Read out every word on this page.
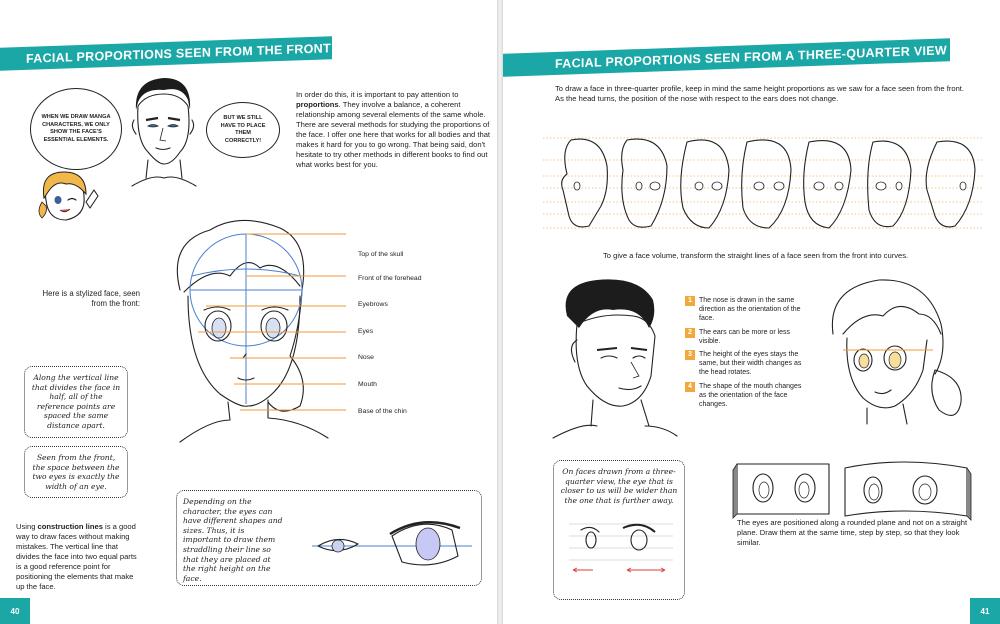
FACIAL PROPORTIONS SEEN FROM THE FRONT
WHEN WE DRAW MANGA CHARACTERS, WE ONLY SHOW THE FACE'S ESSENTIAL ELEMENTS.
BUT WE STILL HAVE TO PLACE THEM CORRECTLY!
In order do this, it is important to pay attention to proportions. They involve a balance, a coherent relationship among several elements of the same whole. There are several methods for studying the proportions of the face. I offer one here that works for all bodies and that makes it hard for you to go wrong. That being said, don't hesitate to try other methods in different books to find out what works best for you.
Top of the skull
Front of the forehead
Eyebrows
Eyes
Nose
Mouth
Base of the chin
Here is a stylized face, seen from the front:
Along the vertical line that divides the face in half, all of the reference points are spaced the same distance apart.
Seen from the front, the space between the two eyes is exactly the width of an eye.
Using construction lines is a good way to draw faces without making mistakes. The vertical line that divides the face into two equal parts is a good reference point for positioning the elements that make up the face.
Depending on the character, the eyes can have different shapes and sizes. Thus, it is important to draw them straddling their line so that they are placed at the right height on the face.
40
FACIAL PROPORTIONS SEEN FROM A THREE-QUARTER VIEW
To draw a face in three-quarter profile, keep in mind the same height proportions as we saw for a face seen from the front. As the head turns, the position of the nose with respect to the ears does not change.
To give a face volume, transform the straight lines of a face seen from the front into curves.
1	The nose is drawn in the same direction as the orientation of the face.
2	The ears can be more or less visible.
3	The height of the eyes stays the same, but their width changes as the head rotates.
4	The shape of the mouth changes as the orientation of the face changes.
On faces drawn from a three-quarter view, the eye that is closer to us will be wider than the one that is further away.
The eyes are positioned along a rounded plane and not on a straight plane. Draw them at the same time, step by step, so that they look similar.
41
